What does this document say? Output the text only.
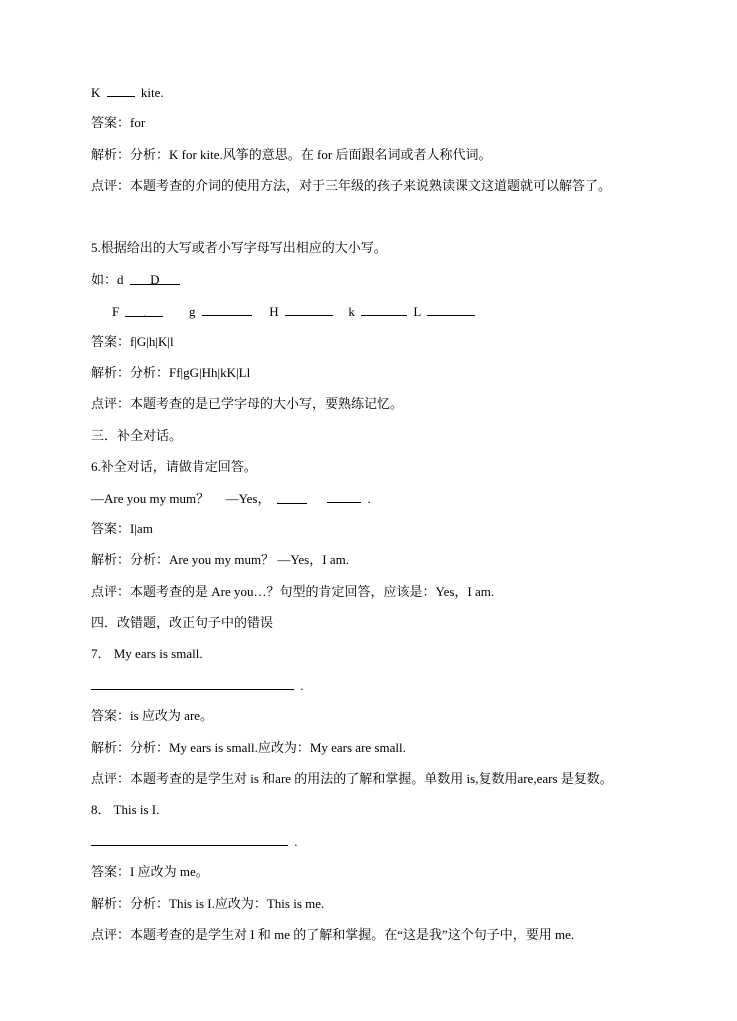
K	kite.
答案：for
解析：分析：K for kite.风筝的意思。在 for 后面跟名词或者人称代词。
点评：本题考查的介词的使用方法，对于三年级的孩子来说熟读课文这道题就可以解答了。
5.根据给出的大写或者小写字母写出相应的大小写。
如：d D
F .	g	H	k	L
答案：f|G|h|K|l
解析：分析：Ff|gG|Hh|kK|Ll
点评：本题考查的是已学字母的大小写，要熟练记忆。
三．补全对话。
6.补全对话，请做肯定回答。
—Are you my mum？ —Yes， .	.
答案：I|am
解析：分析：Are you my mum？ —Yes，I am.
点评：本题考查的是 Are you…？句型的肯定回答，应该是：Yes，I am.
四．改错题，改正句子中的错误
7． My ears is small.
.
答案：is 应改为 are。
解析：分析：My ears is small.应改为：My ears are small.
点评：本题考查的是学生对 is 和are 的用法的了解和掌握。单数用 is,复数用are,ears 是复数。
8． This is I.
.
答案：I 应改为 me。
解析：分析：This is I.应改为：This is me.
点评：本题考查的是学生对 I 和 me 的了解和掌握。在“这是我”这个句子中，要用 me.
